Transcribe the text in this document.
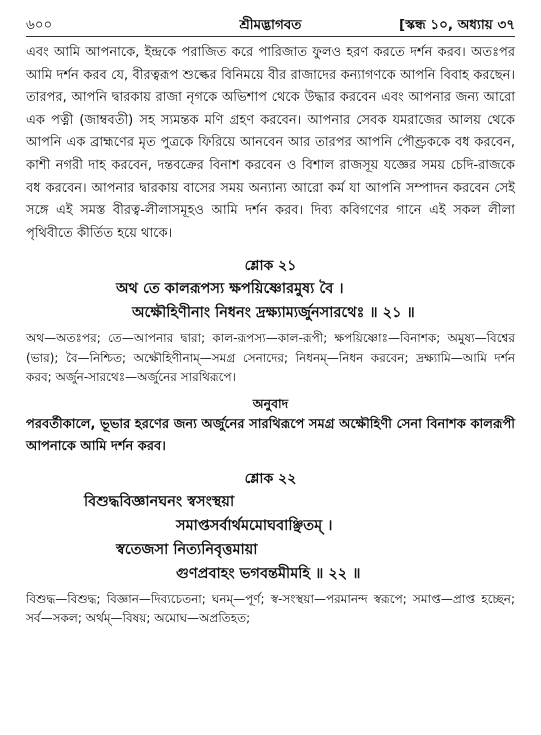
৬০০	শ্রীমদ্ভাগবত	[স্কন্ধ ১০, অধ্যায় ৩৭
এবং আমি আপনাকে, ইন্দ্রকে পরাজিত করে পারিজাত ফুলও হরণ করতে দর্শন করব। অতঃপর আমি দর্শন করব যে, বীরত্বরূপ শুল্কের বিনিময়ে বীর রাজাদের কন্যাগণকে আপনি বিবাহ করছেন। তারপর, আপনি দ্বারকায় রাজা নৃগকে অভিশাপ থেকে উদ্ধার করবেন এবং আপনার জন্য আরো এক পত্নী (জাম্ববতী) সহ স্যমন্তক মণি গ্রহণ করবেন। আপনার সেবক যমরাজের আলয় থেকে আপনি এক ব্রাহ্মণের মৃত পুত্রকে ফিরিয়ে আনবেন আর তারপর আপনি পৌণ্ড্রককে বধ করবেন, কাশী নগরী দাহ করবেন, দন্তবক্রের বিনাশ করবেন ও বিশাল রাজসূয় যজ্ঞের সময় চেদি-রাজকে বধ করবেন। আপনার দ্বারকায় বাসের সময় অন্যান্য আরো কর্ম যা আপনি সম্পাদন করবেন সেই সঙ্গে এই সমস্ত বীরত্ব-লীলাসমূহও আমি দর্শন করব। দিব্য কবিগণের গানে এই সকল লীলা পৃথিবীতে কীর্তিত হয়ে থাকে।
শ্লোক ২১
অথ তে কালরূপস্য ক্ষপয়িষ্ণোরমুষ্য বৈ ।
অক্ষৌহিণীনাং নিধনং দ্রক্ষ্যাম্যর্জুনসারথেঃ ॥ ২১ ॥
অথ—অতঃপর; তে—আপনার দ্বারা; কাল-রূপস্য—কাল-রূপী; ক্ষপয়িষ্ণোঃ—বিনাশক; অমুষ্য—বিশ্বের (ভার); বৈ—নিশ্চিত; অক্ষৌহিণীনাম্—সমগ্র সেনাদের; নিধনম্—নিধন করবেন; দ্রক্ষ্যামি—আমি দর্শন করব; অর্জুন-সারথেঃ—অর্জুনের সারথিরূপে।
অনুবাদ
পরবর্তীকালে, ভূভার হরণের জন্য অর্জুনের সারথিরূপে সমগ্র অক্ষৌহিণী সেনা বিনাশক কালরূপী আপনাকে আমি দর্শন করব।
শ্লোক ২২
বিশুদ্ধবিজ্ঞানঘনং স্বসংস্থয়া
সমাপ্তসর্বার্থমমোঘবাঞ্ছিতম্ ।
স্বতেজসা নিত্যনিবৃত্তমায়া
গুণপ্রবাহং ভগবন্তমীমহি ॥ ২২ ॥
বিশুদ্ধ—বিশুদ্ধ; বিজ্ঞান—দিব্যচেতনা; ঘনম্—পূর্ণ; স্ব-সংস্থয়া—পরমানন্দ স্বরূপে; সমাপ্ত—প্রাপ্ত হচ্ছেন; সর্ব—সকল; অর্থম্—বিষয়; অমোঘ—অপ্রতিহত;
